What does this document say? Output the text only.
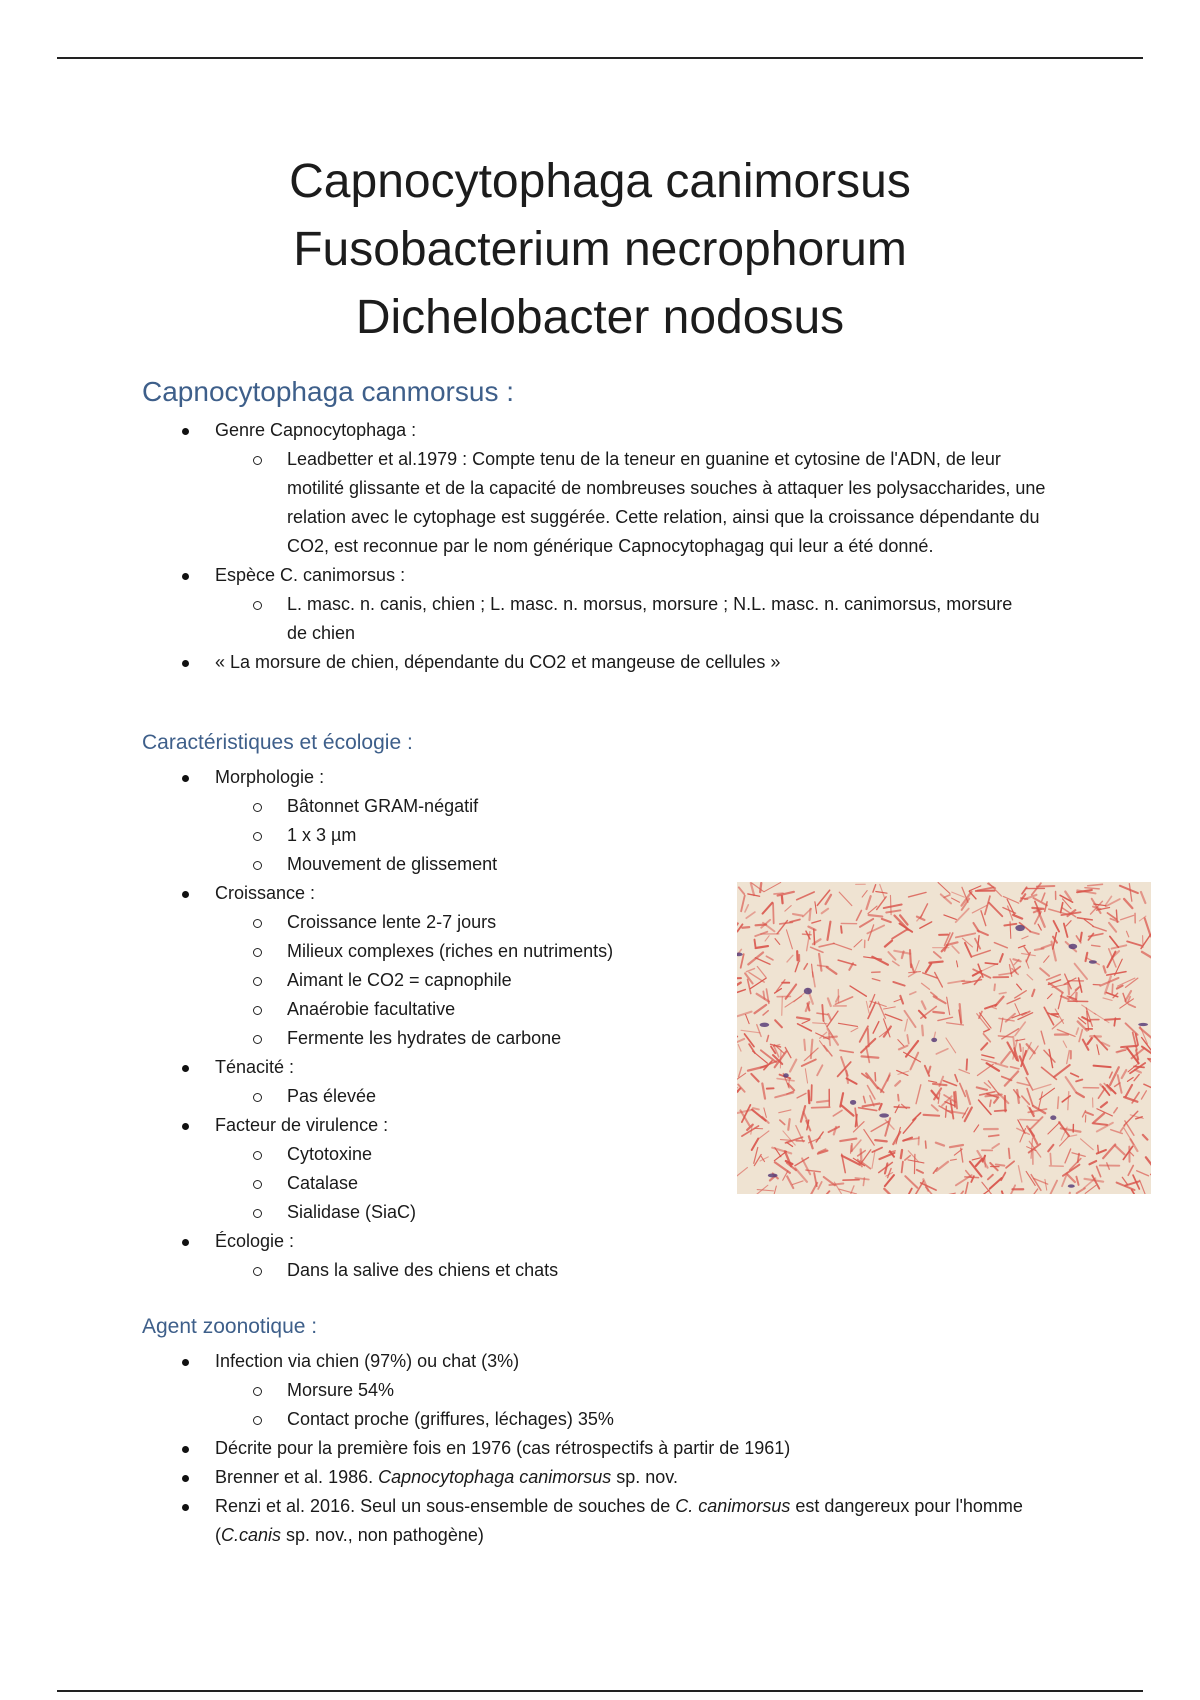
Capnocytophaga canimorsus
Fusobacterium necrophorum
Dichelobacter nodosus
Capnocytophaga canmorsus :
Genre Capnocytophaga :
Leadbetter et al.1979 : Compte tenu de la teneur en guanine et cytosine de l'ADN, de leur motilité glissante et de la capacité de nombreuses souches à attaquer les polysaccharides, une relation avec le cytophage est suggérée. Cette relation, ainsi que la croissance dépendante du CO2, est reconnue par le nom générique Capnocytophagag qui leur a été donné.
Espèce C. canimorsus :
L. masc. n. canis, chien ; L. masc. n. morsus, morsure ; N.L. masc. n. canimorsus, morsure de chien
« La morsure de chien, dépendante du CO2 et mangeuse de cellules »
Caractéristiques et écologie :
Morphologie :
Bâtonnet GRAM-négatif
1 x 3 µm
Mouvement de glissement
Croissance :
Croissance lente 2-7 jours
Milieux complexes (riches en nutriments)
Aimant le CO2 = capnophile
Anaérobie facultative
Fermente les hydrates de carbone
Ténacité :
Pas élevée
Facteur de virulence :
Cytotoxine
Catalase
Sialidase (SiaC)
Écologie :
Dans la salive des chiens et chats
Agent zoonotique :
Infection via chien (97%) ou chat (3%)
Morsure 54%
Contact proche (griffures, léchages) 35%
Décrite pour la première fois en 1976 (cas rétrospectifs à partir de 1961)
Brenner et al. 1986. Capnocytophaga canimorsus sp. nov.
Renzi et al. 2016. Seul un sous-ensemble de souches de C. canimorsus est dangereux pour l'homme (C.canis sp. nov., non pathogène)
